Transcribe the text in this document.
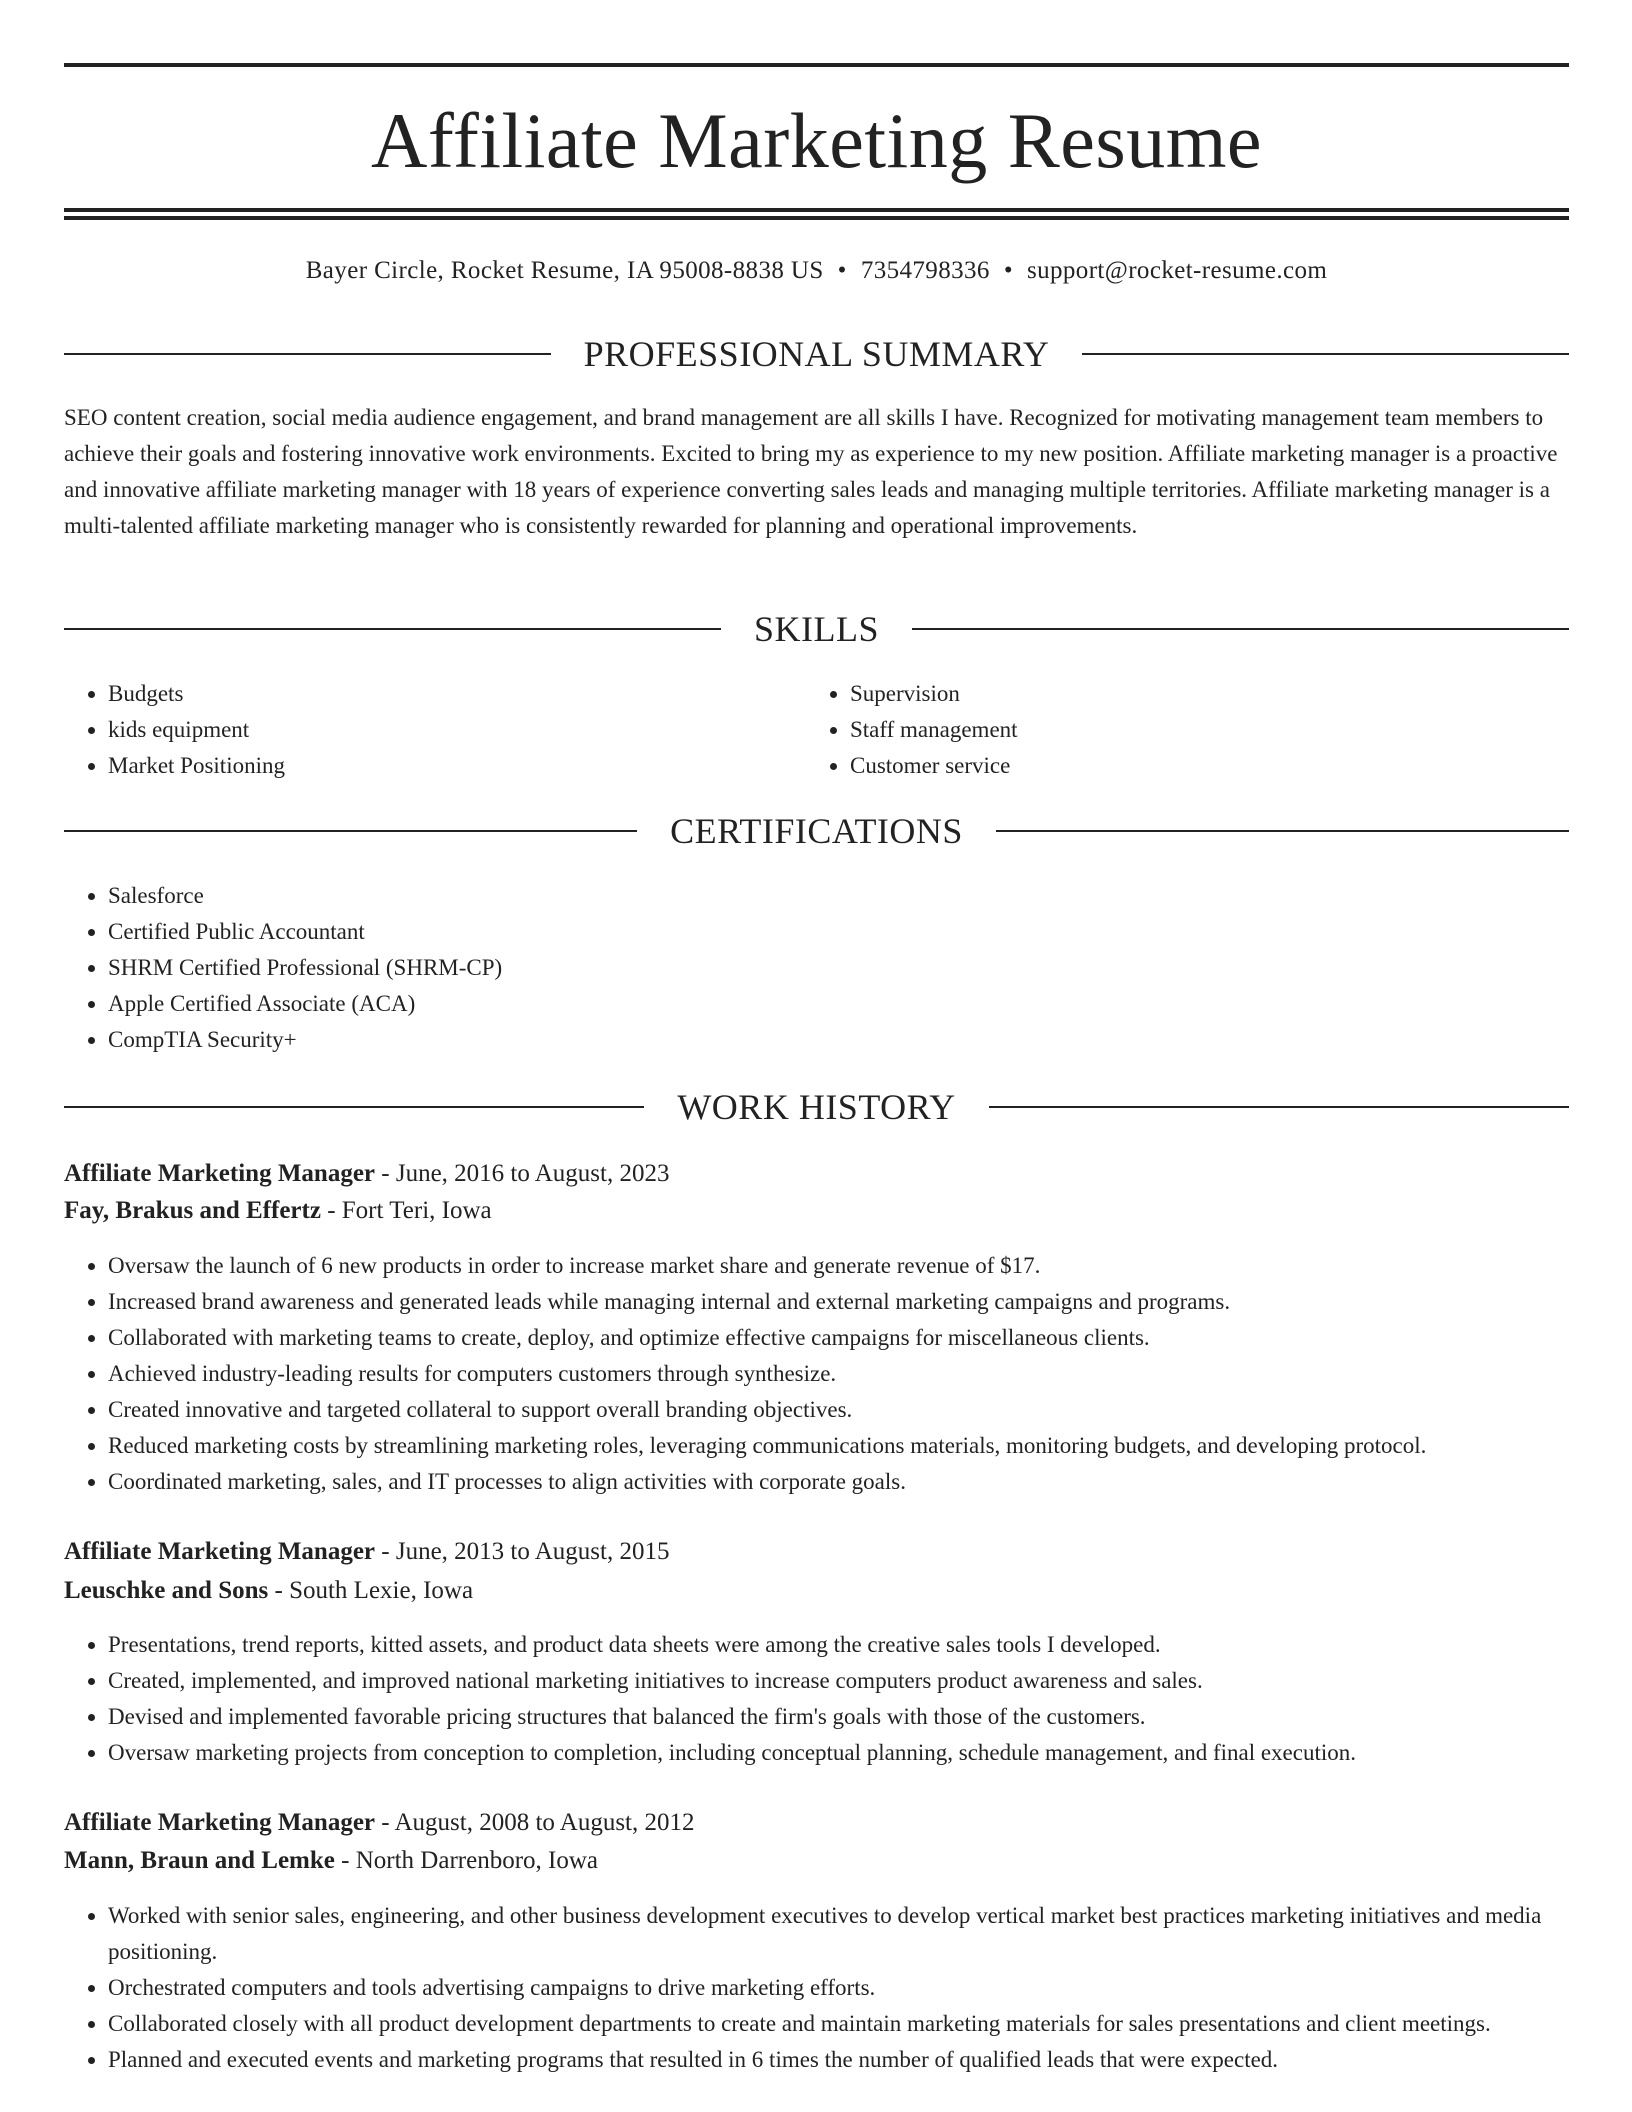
Affiliate Marketing Resume
Bayer Circle, Rocket Resume, IA 95008-8838 US • 7354798336 • support@rocket-resume.com
PROFESSIONAL SUMMARY

SEO content creation, social media audience engagement, and brand management are all skills I have. Recognized for motivating management team members to achieve their goals and fostering innovative work environments. Excited to bring my as experience to my new position. Affiliate marketing manager is a proactive and innovative affiliate marketing manager with 18 years of experience converting sales leads and managing multiple territories. Affiliate marketing manager is a multi-talented affiliate marketing manager who is consistently rewarded for planning and operational improvements.

SKILLS
• Budgets
• kids equipment
• Market Positioning
• Supervision
• Staff management
• Customer service
CERTIFICATIONS
• Salesforce
• Certified Public Accountant
• SHRM Certified Professional (SHRM-CP)
• Apple Certified Associate (ACA)
• CompTIA Security+
WORK HISTORY
Affiliate Marketing Manager - June, 2016 to August, 2023
Fay, Brakus and Effertz - Fort Teri, Iowa
• Oversaw the launch of 6 new products in order to increase market share and generate revenue of $17.
• Increased brand awareness and generated leads while managing internal and external marketing campaigns and programs.
• Collaborated with marketing teams to create, deploy, and optimize effective campaigns for miscellaneous clients.
• Achieved industry-leading results for computers customers through synthesize.
• Created innovative and targeted collateral to support overall branding objectives.
• Reduced marketing costs by streamlining marketing roles, leveraging communications materials, monitoring budgets, and developing protocol.
• Coordinated marketing, sales, and IT processes to align activities with corporate goals.
Affiliate Marketing Manager - June, 2013 to August, 2015
Leuschke and Sons - South Lexie, Iowa
• Presentations, trend reports, kitted assets, and product data sheets were among the creative sales tools I developed.
• Created, implemented, and improved national marketing initiatives to increase computers product awareness and sales.
• Devised and implemented favorable pricing structures that balanced the firm's goals with those of the customers.
• Oversaw marketing projects from conception to completion, including conceptual planning, schedule management, and final execution.
Affiliate Marketing Manager - August, 2008 to August, 2012
Mann, Braun and Lemke - North Darrenboro, Iowa
• Worked with senior sales, engineering, and other business development executives to develop vertical market best practices marketing initiatives and media positioning.
• Orchestrated computers and tools advertising campaigns to drive marketing efforts.
• Collaborated closely with all product development departments to create and maintain marketing materials for sales presentations and client meetings.
• Planned and executed events and marketing programs that resulted in 6 times the number of qualified leads that were expected.
